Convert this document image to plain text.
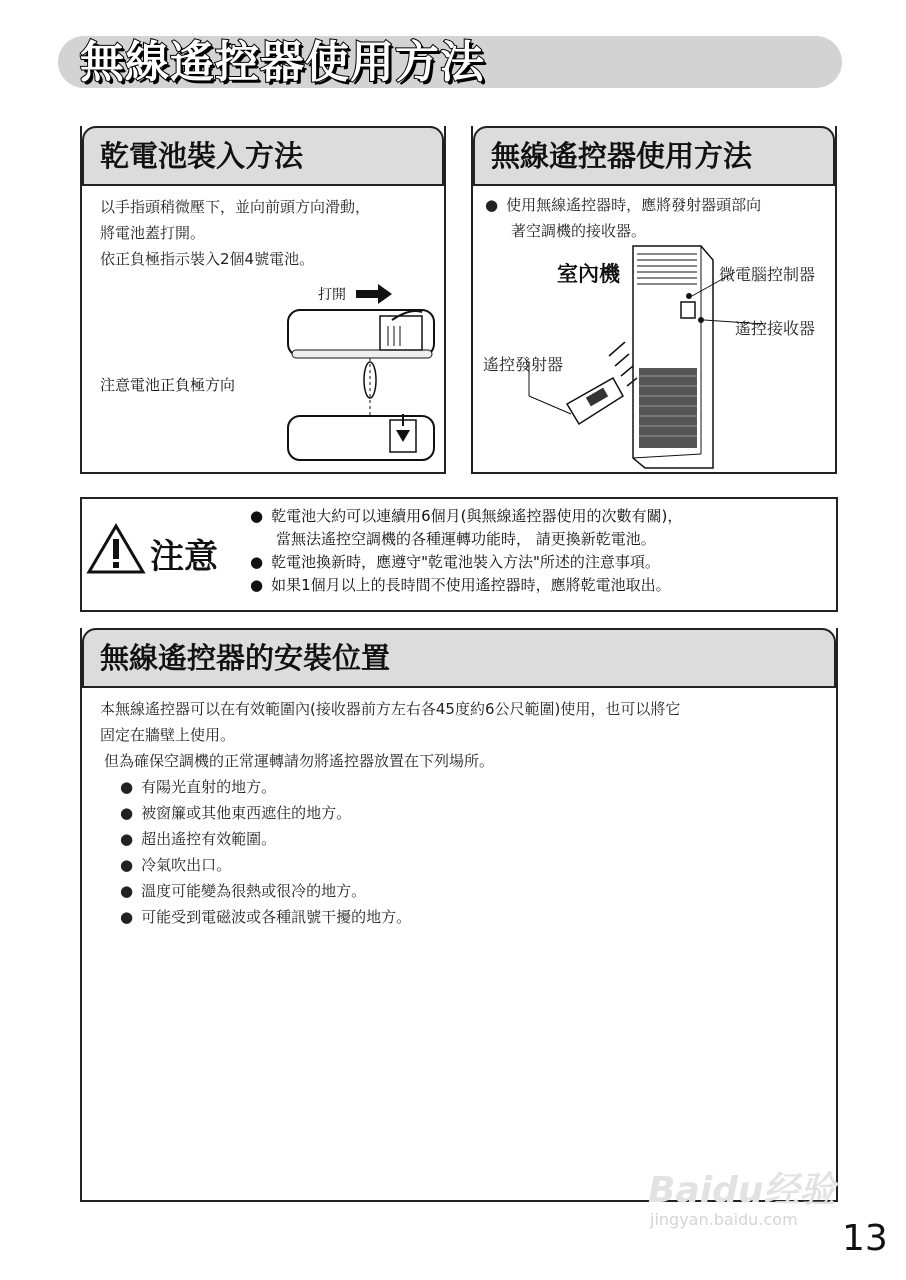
無線遙控器使用方法
乾電池裝入方法
以手指頭稍微壓下，並向前頭方向滑動，
將電池蓋打開。
依正負極指示裝入2個4號電池。
打開
注意電池正負極方向
無線遙控器使用方法
● 使用無線遙控器時，應將發射器頭部向
著空調機的接收器。
室內機	微電腦控制器
遙控接收器
遙控發射器
注意
● 乾電池大約可以連續用6個月(與無線遙控器使用的次數有關)，
當無法遙控空調機的各種運轉功能時， 請更換新乾電池。
● 乾電池換新時，應遵守"乾電池裝入方法"所述的注意事項。
● 如果1個月以上的長時間不使用遙控器時，應將乾電池取出。
無線遙控器的安裝位置
本無線遙控器可以在有效範圍內(接收器前方左右各45度約6公尺範圍)使用，也可以將它
固定在牆壁上使用。
但為確保空調機的正常運轉請勿將遙控器放置在下列場所。
● 有陽光直射的地方。
● 被窗簾或其他東西遮住的地方。
● 超出遙控有效範圍。
● 冷氣吹出口。
● 溫度可能變為很熱或很冷的地方。
● 可能受到電磁波或各種訊號干擾的地方。
Baidu经验
jingyan.baidu.com 13
